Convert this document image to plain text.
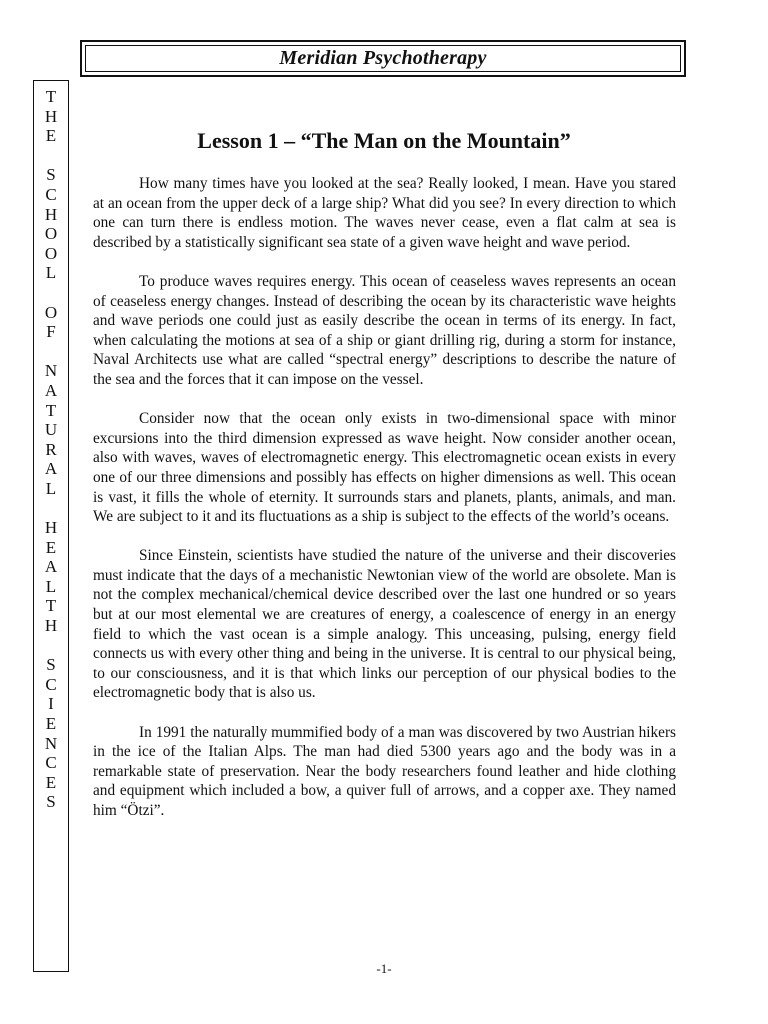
Meridian Psychotherapy
T
H
E
S
C
H
O
O
L
O
F
N
A
T
U
R
A
L
H
E
A
L
T
H
S
C
I
E
N
C
E
S
Lesson 1 – “The Man on the Mountain”

How many times have you looked at the sea? Really looked, I mean. Have you stared at an ocean from the upper deck of a large ship? What did you see? In every direction to which one can turn there is endless motion. The waves never cease, even a flat calm at sea is described by a statistically significant sea state of a given wave height and wave period.

To produce waves requires energy. This ocean of ceaseless waves represents an ocean of ceaseless energy changes. Instead of describing the ocean by its characteristic wave heights and wave periods one could just as easily describe the ocean in terms of its energy. In fact, when calculating the motions at sea of a ship or giant drilling rig, during a storm for instance, Naval Architects use what are called “spectral energy” descriptions to describe the nature of the sea and the forces that it can impose on the vessel.

Consider now that the ocean only exists in two-dimensional space with minor excursions into the third dimension expressed as wave height. Now consider another ocean, also with waves, waves of electromagnetic energy. This electromagnetic ocean exists in every one of our three dimensions and possibly has effects on higher dimensions as well. This ocean is vast, it fills the whole of eternity. It surrounds stars and planets, plants, animals, and man. We are subject to it and its fluctuations as a ship is subject to the effects of the world’s oceans.

Since Einstein, scientists have studied the nature of the universe and their discoveries must indicate that the days of a mechanistic Newtonian view of the world are obsolete. Man is not the complex mechanical/chemical device described over the last one hundred or so years but at our most elemental we are creatures of energy, a coalescence of energy in an energy field to which the vast ocean is a simple analogy. This unceasing, pulsing, energy field connects us with every other thing and being in the universe. It is central to our physical being, to our consciousness, and it is that which links our perception of our physical bodies to the electromagnetic body that is also us.

In 1991 the naturally mummified body of a man was discovered by two Austrian hikers in the ice of the Italian Alps. The man had died 5300 years ago and the body was in a remarkable state of preservation. Near the body researchers found leather and hide clothing and equipment which included a bow, a quiver full of arrows, and a copper axe. They named him “Ötzi”.

-1-
